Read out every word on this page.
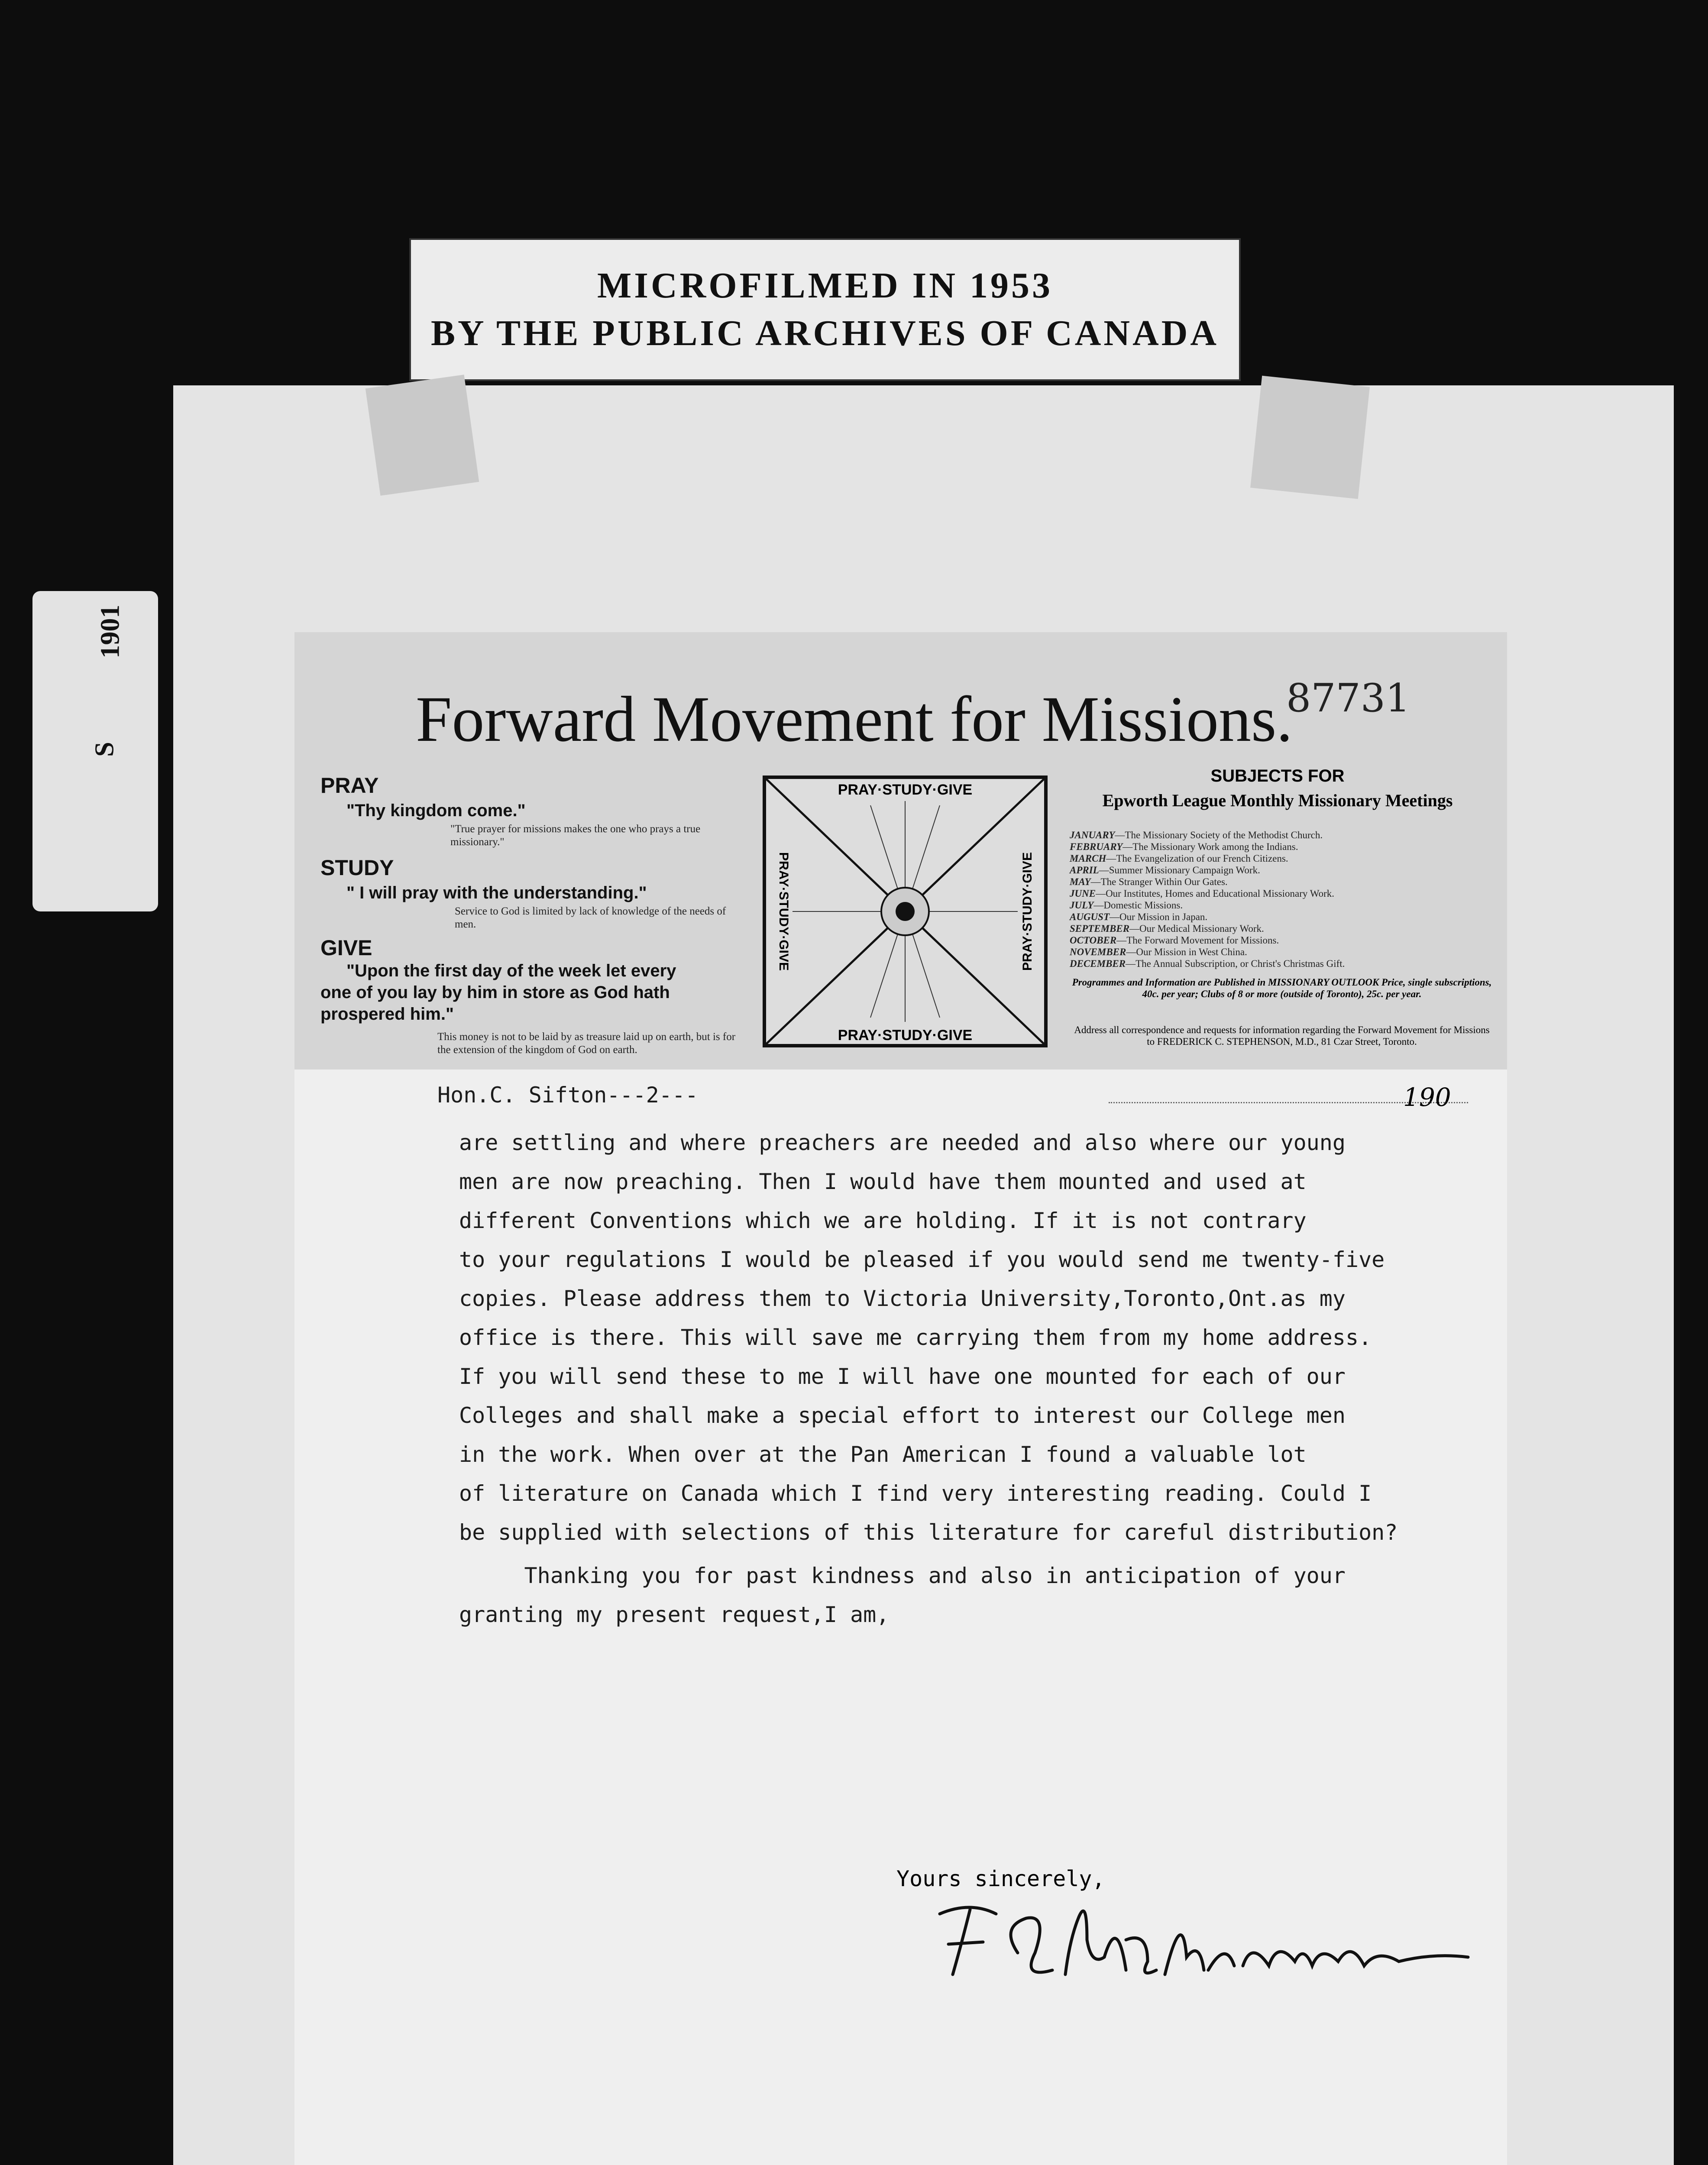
MICROFILMED IN 1953
BY THE PUBLIC ARCHIVES OF CANADA
1901
S	Forward Movement for Missions.
87731
PRAY
"Thy kingdom come."
"True prayer for missions makes the one who prays a true missionary."
STUDY
" I will pray with the understanding."
Service to God is limited by lack of knowledge of the needs of men.
GIVE
"Upon the first day of the week let every
one of you lay by him in store as God hath
prospered him."
This money is not to be laid by as treasure laid up on earth, but is for the extension of the kingdom of God on earth.
PRAY·STUDY·GIVE
PRAY·STUDY·GIVE
PRAY·STUDY·GIVE	PRAY·STUDY·GIVE
SUBJECTS FOR
Epworth League Monthly Missionary Meetings
JANUARY—The Missionary Society of the Methodist Church.
FEBRUARY—The Missionary Work among the Indians.
MARCH—The Evangelization of our French Citizens.
APRIL—Summer Missionary Campaign Work.
MAY—The Stranger Within Our Gates.
JUNE—Our Institutes, Homes and Educational Missionary Work.
JULY—Domestic Missions.
AUGUST—Our Mission in Japan.
SEPTEMBER—Our Medical Missionary Work.
OCTOBER—The Forward Movement for Missions.
NOVEMBER—Our Mission in West China.
DECEMBER—The Annual Subscription, or Christ's Christmas Gift.
Programmes and Information are Published in MISSIONARY OUTLOOK Price, single subscriptions, 40c. per year; Clubs of 8 or more (outside of Toronto), 25c. per year.
Address all correspondence and requests for information regarding the Forward Movement for Missions to FREDERICK C. STEPHENSON, M.D., 81 Czar Street, Toronto.
190
Hon.C. Sifton---2---
are settling and where preachers are needed and also where our young
men are now preaching. Then I would have them mounted and used at
different Conventions which we are holding. If it is not contrary
to your regulations I would be pleased if you would send me twenty-five
copies. Please address them to Victoria University,Toronto,Ont.as my
office is there. This will save me carrying them from my home address.
If you will send these to me I will have one mounted for each of our
Colleges and shall make a special effort to interest our College men
in the work. When over at the Pan American I found a valuable lot
of literature on Canada which I find very interesting reading. Could I
be supplied with selections of this literature for careful distribution?
Thanking you for past kindness and also in anticipation of your
granting my present request,I am,
Yours sincerely,
